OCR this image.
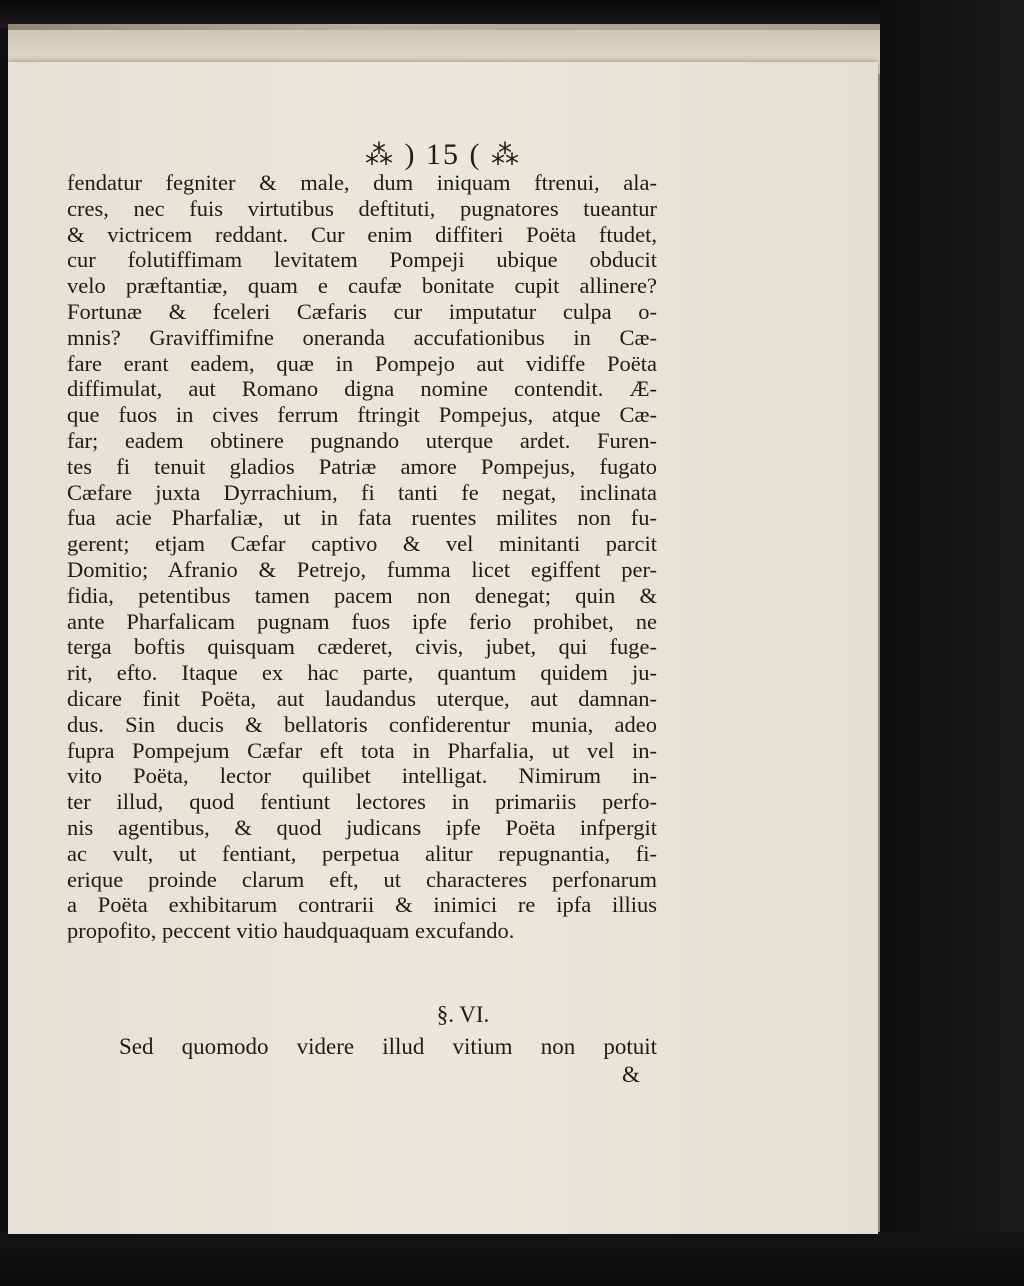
⁂ ) 15 ( ⁂
fendatur fegniter & male, dum iniquam ftrenui, ala-
cres, nec fuis virtutibus deftituti, pugnatores tueantur
& victricem reddant. Cur enim diffiteri Poëta ftudet,
cur folutiffimam levitatem Pompeji ubique obducit
velo præftantiæ, quam e caufæ bonitate cupit allinere?
Fortunæ & fceleri Cæfaris cur imputatur culpa o-
mnis? Graviffimifne oneranda accufationibus in Cæ-
fare erant eadem, quæ in Pompejo aut vidiffe Poëta
diffimulat, aut Romano digna nomine contendit. Æ-
que fuos in cives ferrum ftringit Pompejus, atque Cæ-
far; eadem obtinere pugnando uterque ardet. Furen-
tes fi tenuit gladios Patriæ amore Pompejus, fugato
Cæfare juxta Dyrrachium, fi tanti fe negat, inclinata
fua acie Pharfaliæ, ut in fata ruentes milites non fu-
gerent; etjam Cæfar captivo & vel minitanti parcit
Domitio; Afranio & Petrejo, fumma licet egiffent per-
fidia, petentibus tamen pacem non denegat; quin &
ante Pharfalicam pugnam fuos ipfe ferio prohibet, ne
terga boftis quisquam cæderet, civis, jubet, qui fuge-
rit, efto. Itaque ex hac parte, quantum quidem ju-
dicare finit Poëta, aut laudandus uterque, aut damnan-
dus. Sin ducis & bellatoris confiderentur munia, adeo
fupra Pompejum Cæfar eft tota in Pharfalia, ut vel in-
vito Poëta, lector quilibet intelligat. Nimirum in-
ter illud, quod fentiunt lectores in primariis perfo-
nis agentibus, & quod judicans ipfe Poëta infpergit
ac vult, ut fentiant, perpetua alitur repugnantia, fi-
erique proinde clarum eft, ut characteres perfonarum
a Poëta exhibitarum contrarii & inimici re ipfa illius
propofito, peccent vitio haudquaquam excufando.
§. VI.
Sed quomodo videre illud vitium non potuit
&
